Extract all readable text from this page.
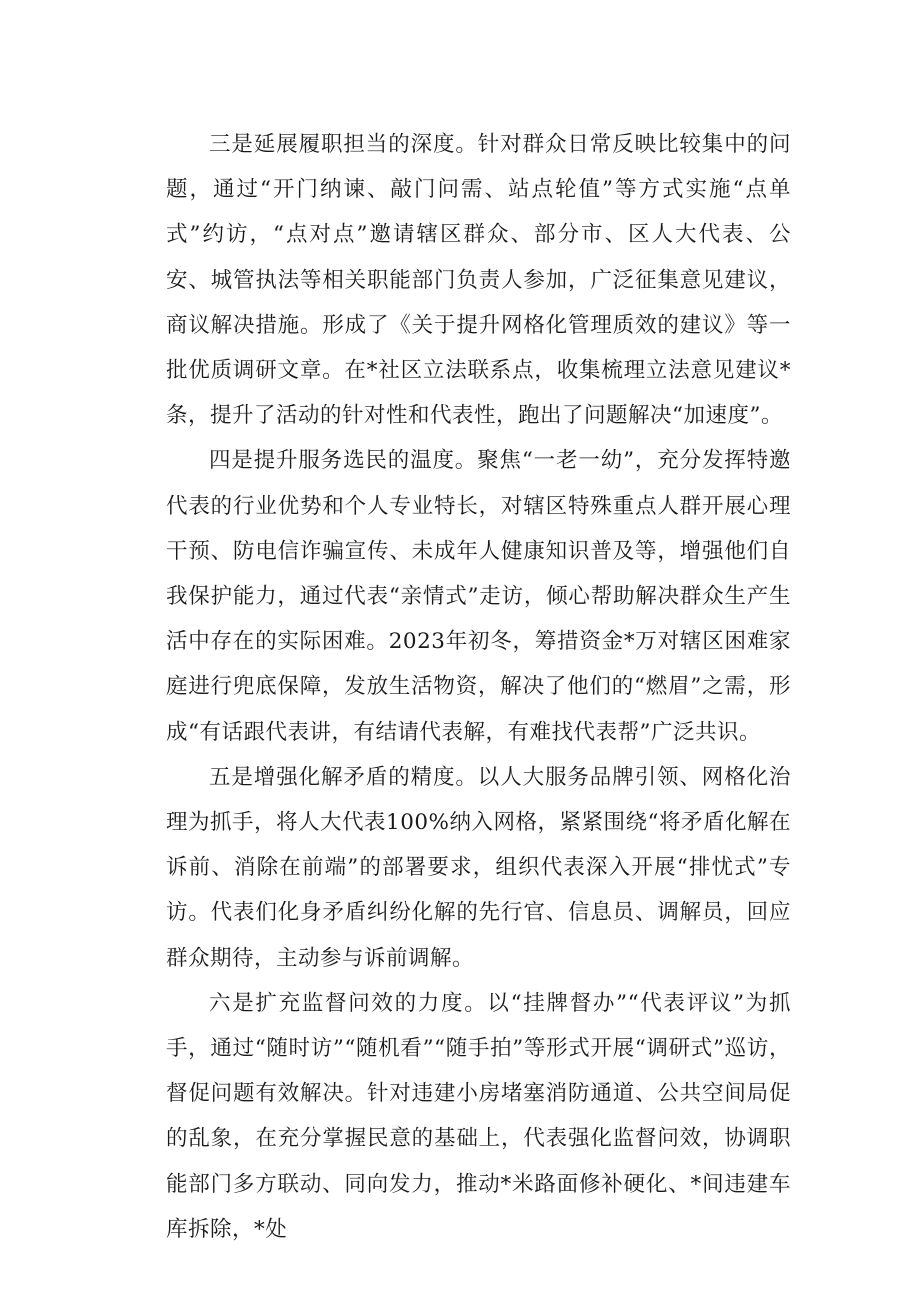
三是延展履职担当的深度。针对群众日常反映比较集中的问题，通过“开门纳谏、敲门问需、站点轮值”等方式实施“点单式”约访，“点对点”邀请辖区群众、部分市、区人大代表、公安、城管执法等相关职能部门负责人参加，广泛征集意见建议，商议解决措施。形成了《关于提升网格化管理质效的建议》等一批优质调研文章。在*社区立法联系点，收集梳理立法意见建议*条，提升了活动的针对性和代表性，跑出了问题解决“加速度”。

四是提升服务选民的温度。聚焦“一老一幼”，充分发挥特邀代表的行业优势和个人专业特长，对辖区特殊重点人群开展心理干预、防电信诈骗宣传、未成年人健康知识普及等，增强他们自我保护能力，通过代表“亲情式”走访，倾心帮助解决群众生产生活中存在的实际困难。2023年初冬，筹措资金*万对辖区困难家庭进行兜底保障，发放生活物资，解决了他们的“燃眉”之需，形成“有话跟代表讲，有结请代表解，有难找代表帮”广泛共识。

五是增强化解矛盾的精度。以人大服务品牌引领、网格化治理为抓手，将人大代表100%纳入网格，紧紧围绕“将矛盾化解在诉前、消除在前端”的部署要求，组织代表深入开展“排忧式”专访。代表们化身矛盾纠纷化解的先行官、信息员、调解员，回应群众期待，主动参与诉前调解。

六是扩充监督问效的力度。以“挂牌督办”“代表评议”为抓手，通过“随时访”“随机看”“随手拍”等形式开展“调研式”巡访，督促问题有效解决。针对违建小房堵塞消防通道、公共空间局促的乱象，在充分掌握民意的基础上，代表强化监督问效，协调职能部门多方联动、同向发力，推动*米路面修补硬化、*间违建车库拆除，*处
